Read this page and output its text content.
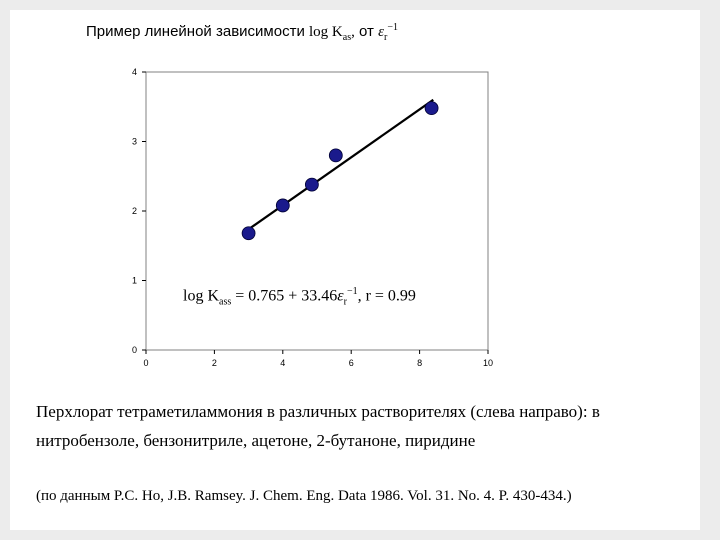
Пример линейной зависимости $\log K_{as}$, от $\varepsilon_r^{-1}$
0	2	4	6	8	10
0
1
2
3
4
$\log K_{ass} = 0.765 + 33.46\varepsilon_r^{-1}$, r = 0.99
Перхлорат тетраметиламмония в различных растворителях (слева направо): в нитробензоле, бензонитриле, ацетоне, 2-бутаноне, пиридине
(по данным P.C. Ho, J.B. Ramsey. J. Chem. Eng. Data 1986. Vol. 31. No. 4. P. 430-434.)
